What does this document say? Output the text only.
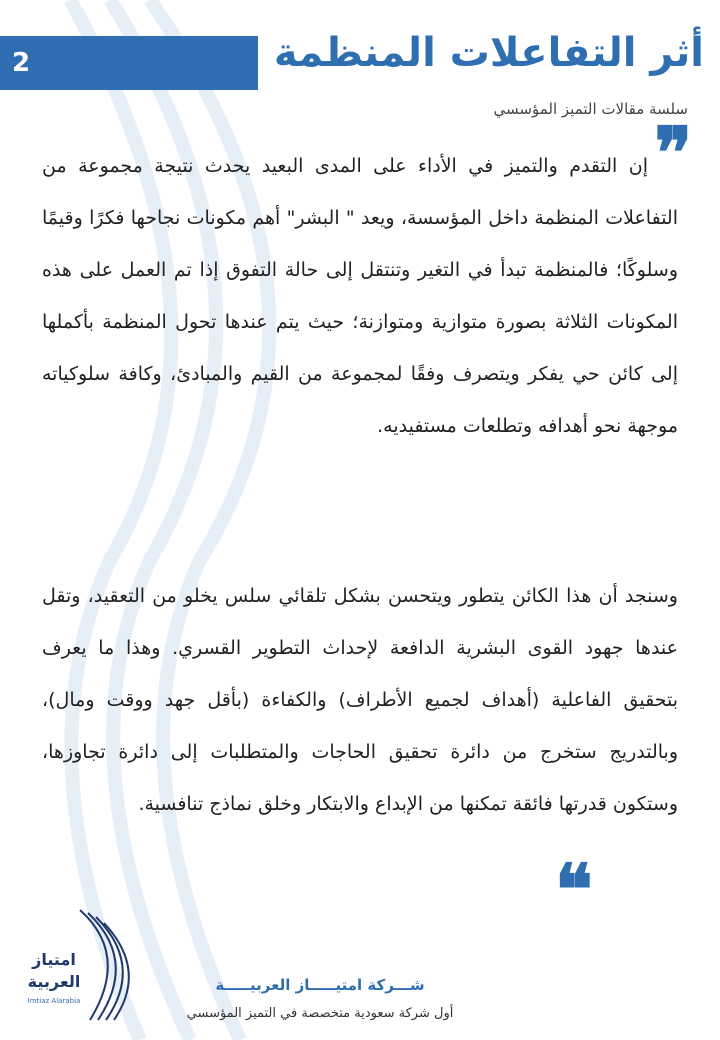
2	أثر التفاعلات المنظمة ..
سلسة مقالات التميز المؤسسي
❞

إن التقدم والتميز في الأداء على المدى البعيد يحدث نتيجة مجموعة من التفاعلات المنظمة داخل المؤسسة، ويعد " البشر" أهم مكونات نجاحها فكرًا وقيمًا وسلوكًا؛ فالمنظمة تبدأ في التغير وتنتقل إلى حالة التفوق إذا تم العمل على هذه المكونات الثلاثة بصورة متوازية ومتوازنة؛ حيث يتم عندها تحول المنظمة بأكملها إلى كائن حي يفكر ويتصرف وفقًا لمجموعة من القيم والمبادئ، وكافة سلوكياته موجهة نحو أهدافه وتطلعات مستفيديه.

وسنجد أن هذا الكائن يتطور ويتحسن بشكل تلقائي سلس يخلو من التعقيد، وتقل عندها جهود القوى البشرية الدافعة لإحداث التطوير القسري. وهذا ما يعرف بتحقيق الفاعلية (أهداف لجميع الأطراف) والكفاءة (بأقل جهد ووقت ومال)، وبالتدريج ستخرج من دائرة تحقيق الحاجات والمتطلبات إلى دائرة تجاوزها، وستكون قدرتها فائقة تمكنها من الإبداع والابتكار وخلق نماذج تنافسية.

❝
امتياز
العربية
Imtiaz Alarabia
شـــركة امتيـــــاز العربيـــــة
أول شركة سعودية متخصصة في التميز المؤسسي
